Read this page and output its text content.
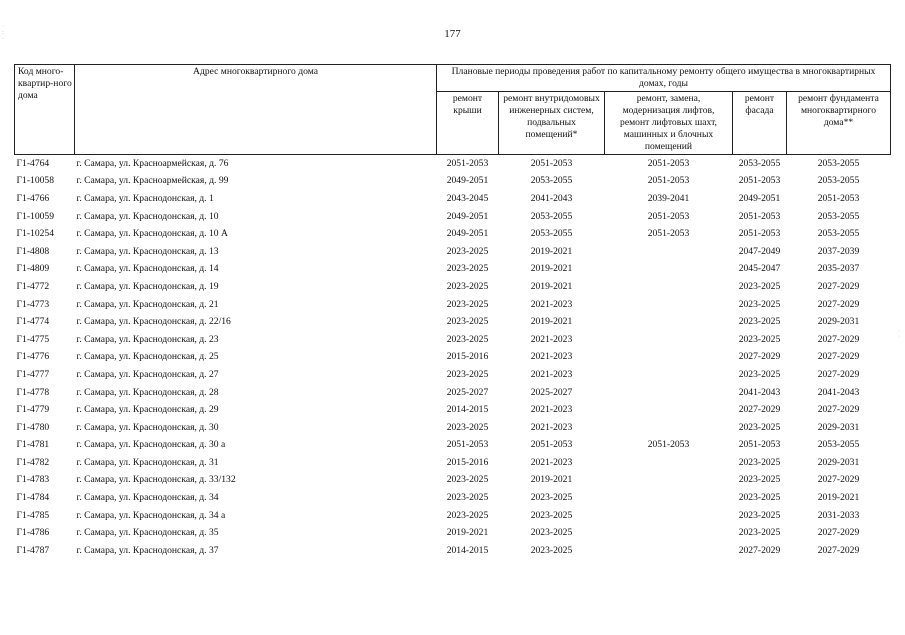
·
:
·
·
·
177
Код много-квартир-ного дома	Адрес многоквартирного дома	Плановые периоды проведения работ по капитальному ремонту общего имущества в многоквартирных домах, годы				
		ремонт крыши	ремонт внутридомовых инженерных систем, подвальных помещений*	ремонт, замена, модернизация лифтов, ремонт лифтовых шахт, машинных и блочных помещений	ремонт фасада	ремонт фундамента многоквартирного дома**
Г1-4764	г. Самара, ул. Красноармейская, д. 76	2051-2053	2051-2053	2051-2053	2053-2055	2053-2055
Г1-10058	г. Самара, ул. Красноармейская, д. 99	2049-2051	2053-2055	2051-2053	2051-2053	2053-2055
Г1-4766	г. Самара, ул. Краснодонская, д. 1	2043-2045	2041-2043	2039-2041	2049-2051	2051-2053
Г1-10059	г. Самара, ул. Краснодонская, д. 10	2049-2051	2053-2055	2051-2053	2051-2053	2053-2055
Г1-10254	г. Самара, ул. Краснодонская, д. 10 А	2049-2051	2053-2055	2051-2053	2051-2053	2053-2055
Г1-4808	г. Самара, ул. Краснодонская, д. 13	2023-2025	2019-2021		2047-2049	2037-2039
Г1-4809	г. Самара, ул. Краснодонская, д. 14	2023-2025	2019-2021		2045-2047	2035-2037
Г1-4772	г. Самара, ул. Краснодонская, д. 19	2023-2025	2019-2021		2023-2025	2027-2029
Г1-4773	г. Самара, ул. Краснодонская, д. 21	2023-2025	2021-2023		2023-2025	2027-2029
Г1-4774	г. Самара, ул. Краснодонская, д. 22/16	2023-2025	2019-2021		2023-2025	2029-2031
Г1-4775	г. Самара, ул. Краснодонская, д. 23	2023-2025	2021-2023		2023-2025	2027-2029
Г1-4776	г. Самара, ул. Краснодонская, д. 25	2015-2016	2021-2023		2027-2029	2027-2029
Г1-4777	г. Самара, ул. Краснодонская, д. 27	2023-2025	2021-2023		2023-2025	2027-2029
Г1-4778	г. Самара, ул. Краснодонская, д. 28	2025-2027	2025-2027		2041-2043	2041-2043
Г1-4779	г. Самара, ул. Краснодонская, д. 29	2014-2015	2021-2023		2027-2029	2027-2029
Г1-4780	г. Самара, ул. Краснодонская, д. 30	2023-2025	2021-2023		2023-2025	2029-2031
Г1-4781	г. Самара, ул. Краснодонская, д. 30 а	2051-2053	2051-2053	2051-2053	2051-2053	2053-2055
Г1-4782	г. Самара, ул. Краснодонская, д. 31	2015-2016	2021-2023		2023-2025	2029-2031
Г1-4783	г. Самара, ул. Краснодонская, д. 33/132	2023-2025	2019-2021		2023-2025	2027-2029
Г1-4784	г. Самара, ул. Краснодонская, д. 34	2023-2025	2023-2025		2023-2025	2019-2021
Г1-4785	г. Самара, ул. Краснодонская, д. 34 а	2023-2025	2023-2025		2023-2025	2031-2033
Г1-4786	г. Самара, ул. Краснодонская, д. 35	2019-2021	2023-2025		2023-2025	2027-2029
Г1-4787	г. Самара, ул. Краснодонская, д. 37	2014-2015	2023-2025		2027-2029	2027-2029
